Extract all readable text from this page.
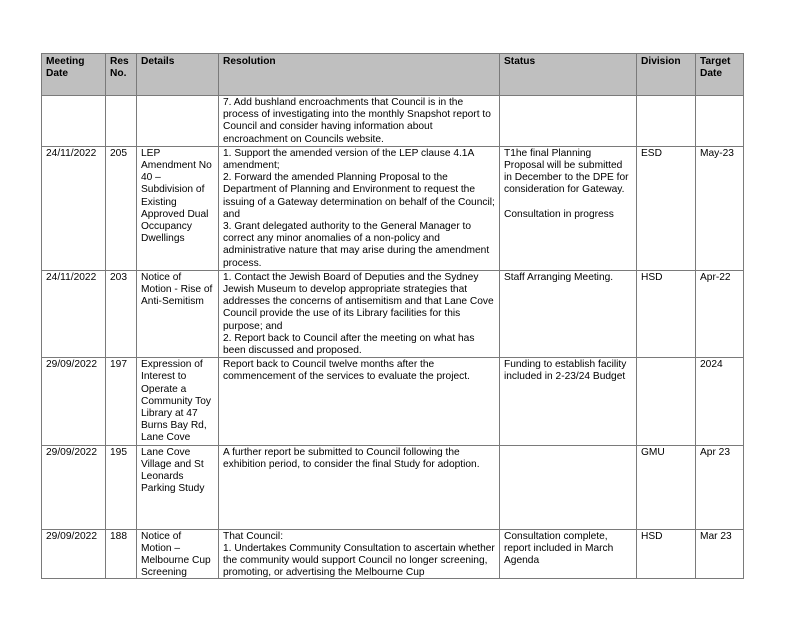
Meeting Date	Res No.	Details	Resolution	Status	Division	Target Date

			7. Add bushland encroachments that Council is in the process of investigating into the monthly Snapshot report to Council and consider having information about encroachment on Councils website.			

24/11/2022	205	LEP Amendment No 40 – Subdivision of Existing Approved Dual Occupancy Dwellings	1. Support the amended version of the LEP clause 4.1A amendment;
2. Forward the amended Planning Proposal to the Department of Planning and Environment to request the issuing of a Gateway determination on behalf of the Council; and
3. Grant delegated authority to the General Manager to correct any minor anomalies of a non-policy and administrative nature that may arise during the amendment process.	T1he final Planning Proposal will be submitted in December to the DPE for consideration for Gateway.

Consultation in progress	ESD	May-23

24/11/2022	203	Notice of Motion - Rise of Anti-Semitism	1. Contact the Jewish Board of Deputies and the Sydney Jewish Museum to develop appropriate strategies that addresses the concerns of antisemitism and that Lane Cove Council provide the use of its Library facilities for this purpose; and
2. Report back to Council after the meeting on what has been discussed and proposed.	Staff Arranging Meeting.	HSD	Apr-22

29/09/2022	197	Expression of Interest to Operate a Community Toy Library at 47 Burns Bay Rd, Lane Cove	Report back to Council twelve months after the commencement of the services to evaluate the project.	Funding to establish facility included in 2-23/24 Budget		2024

29/09/2022	195	Lane Cove Village and St Leonards Parking Study	A further report be submitted to Council following the exhibition period, to consider the final Study for adoption.		GMU	Apr 23

29/09/2022	188	Notice of Motion – Melbourne Cup Screening	That Council:
1. Undertakes Community Consultation to ascertain whether the community would support Council no longer screening, promoting, or advertising the Melbourne Cup	Consultation complete, report included in March Agenda	HSD	Mar 23
